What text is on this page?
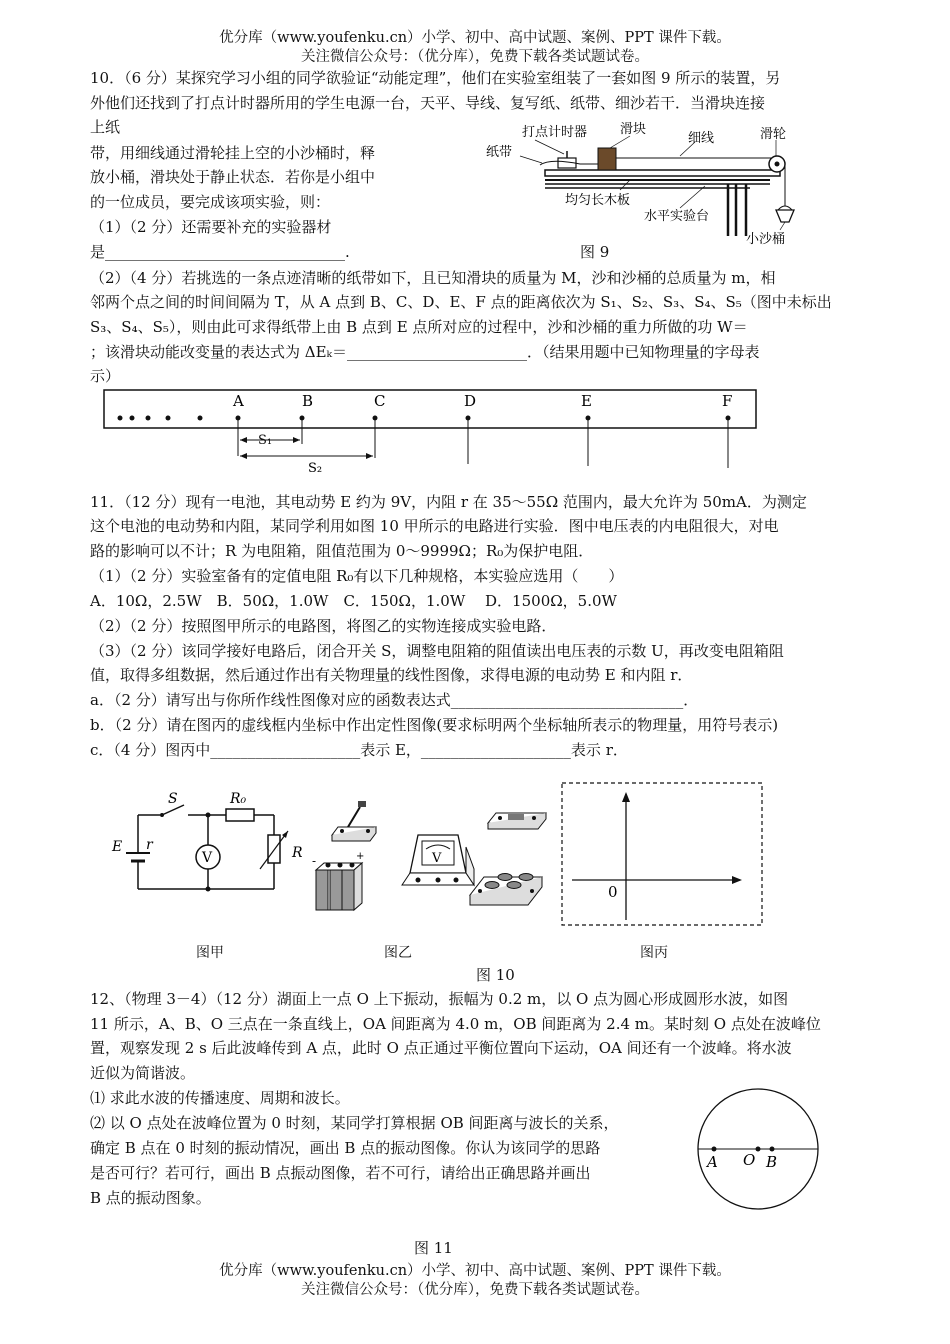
优分库（www.youfenku.cn）小学、初中、高中试题、案例、PPT 课件下载。
关注微信公众号：（优分库），免费下载各类试题试卷。
10．（6 分）某探究学习小组的同学欲验证“动能定理”，他们在实验室组装了一套如图 9 所示的装置，另
外他们还找到了打点计时器所用的学生电源一台，天平、导线、复写纸、纸带、细沙若干．当滑块连接
上纸
带，用细线通过滑轮挂上空的小沙桶时，释
放小桶，滑块处于静止状态．若你是小组中
的一位成员，要完成该项实验，则：
（1）（2 分）还需要补充的实验器材
是________________________________.
打点计时器	滑块
纸带
细线	滑轮
均匀长木板
水平实验台
小沙桶
图 9
（2）（4 分）若挑选的一条点迹清晰的纸带如下，且已知滑块的质量为 M，沙和沙桶的总质量为 m，相
邻两个点之间的时间间隔为 T，从 A 点到 B、C、D、E、F 点的距离依次为 S₁、S₂、S₃、S₄、S₅（图中未标出
S₃、S₄、S₅），则由此可求得纸带上由 B 点到 E 点所对应的过程中，沙和沙桶的重力所做的功 W＝
；该滑块动能改变量的表达式为 ΔEₖ＝________________________．（结果用题中已知物理量的字母表
示）
A	B	C	D	E	F
S₁
S₂
11．（12 分）现有一电池，其电动势 E 约为 9V，内阻 r 在 35～55Ω 范围内，最大允许为 50mA．为测定
这个电池的电动势和内阻，某同学利用如图 10 甲所示的电路进行实验．图中电压表的内电阻很大，对电
路的影响可以不计；R 为电阻箱，阻值范围为 0～9999Ω；R₀为保护电阻．
（1）（2 分）实验室备有的定值电阻 R₀有以下几种规格，本实验应选用（　　）
A．10Ω，2.5W　B．50Ω，1.0W　C．150Ω，1.0W　 D．1500Ω，5.0W
（2）（2 分）按照图甲所示的电路图，将图乙的实物连接成实验电路．
（3）（2 分）该同学接好电路后，闭合开关 S，调整电阻箱的阻值读出电压表的示数 U，再改变电阻箱阻
值，取得多组数据，然后通过作出有关物理量的线性图像，求得电源的电动势 E 和内阻 r．
a．（2 分）请写出与你所作线性图像对应的函数表达式_______________________________．
b．（2 分）请在图丙的虚线框内坐标中作出定性图像(要求标明两个坐标轴所表示的物理量，用符号表示)
c．（4 分）图丙中____________________表示 E，____________________表示 r．
S	R₀
E r
V	R
图甲
-	+	V
图乙
0
图丙
图 10
12、（物理 3－4）（12 分）湖面上一点 O 上下振动，振幅为 0.2 m，以 O 点为圆心形成圆形水波，如图
11 所示，A、B、O 三点在一条直线上，OA 间距离为 4.0 m，OB 间距离为 2.4 m。某时刻 O 点处在波峰位
置，观察发现 2 s 后此波峰传到 A 点，此时 O 点正通过平衡位置向下运动，OA 间还有一个波峰。将水波
近似为简谐波。
⑴ 求此水波的传播速度、周期和波长。
⑵ 以 O 点处在波峰位置为 0 时刻，某同学打算根据 OB 间距离与波长的关系，
确定 B 点在 0 时刻的振动情况，画出 B 点的振动图像。你认为该同学的思路
是否可行？若可行，画出 B 点振动图像，若不可行，请给出正确思路并画出
B 点的振动图象。
A O B
图 11
优分库（www.youfenku.cn）小学、初中、高中试题、案例、PPT 课件下载。
关注微信公众号：（优分库），免费下载各类试题试卷。
